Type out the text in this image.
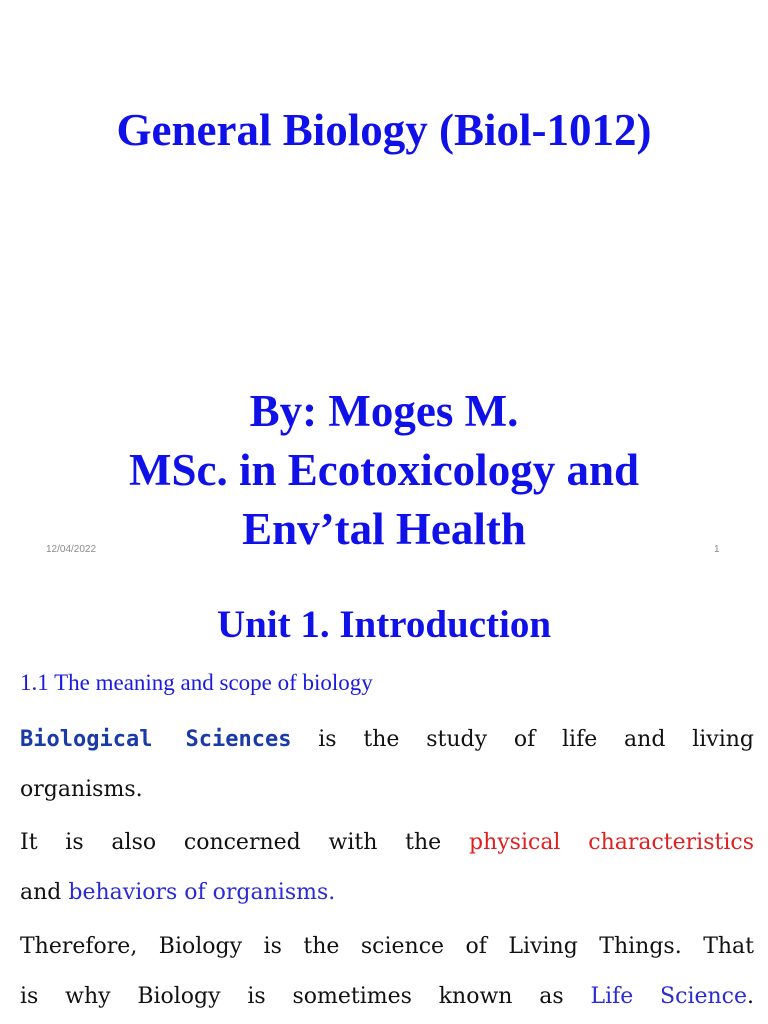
General Biology (Biol-1012)
By: Moges M.
MSc. in Ecotoxicology and
Env’tal Health
12/04/2022	1
Unit 1. Introduction
1.1 The meaning and scope of biology
Biological Sciences is the study of life and living
organisms.
It is also concerned with the physical characteristics
and behaviors of organisms.
Therefore, Biology is the science of Living Things. That
is why Biology is sometimes known as Life Science.
